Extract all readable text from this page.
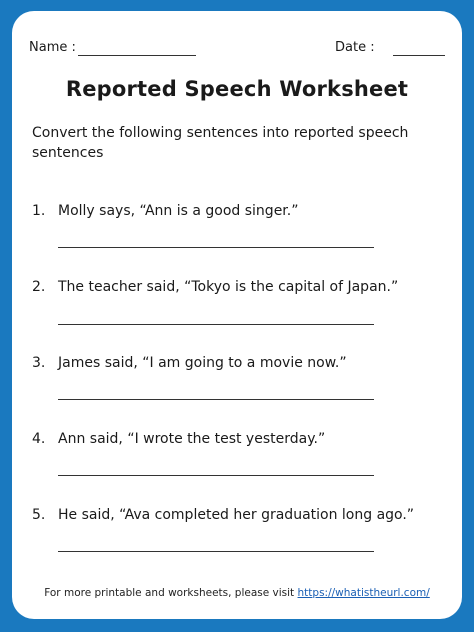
Name :	Date :
Reported Speech Worksheet
Convert the following sentences into reported speech sentences
1. Molly says, “Ann is a good singer.”
2. The teacher said, “Tokyo is the capital of Japan.”
3. James said, “I am going to a movie now.”
4. Ann said, “I wrote the test yesterday.”
5. He said, “Ava completed her graduation long ago.”
For more printable and worksheets, please visit https://whatistheurl.com/
